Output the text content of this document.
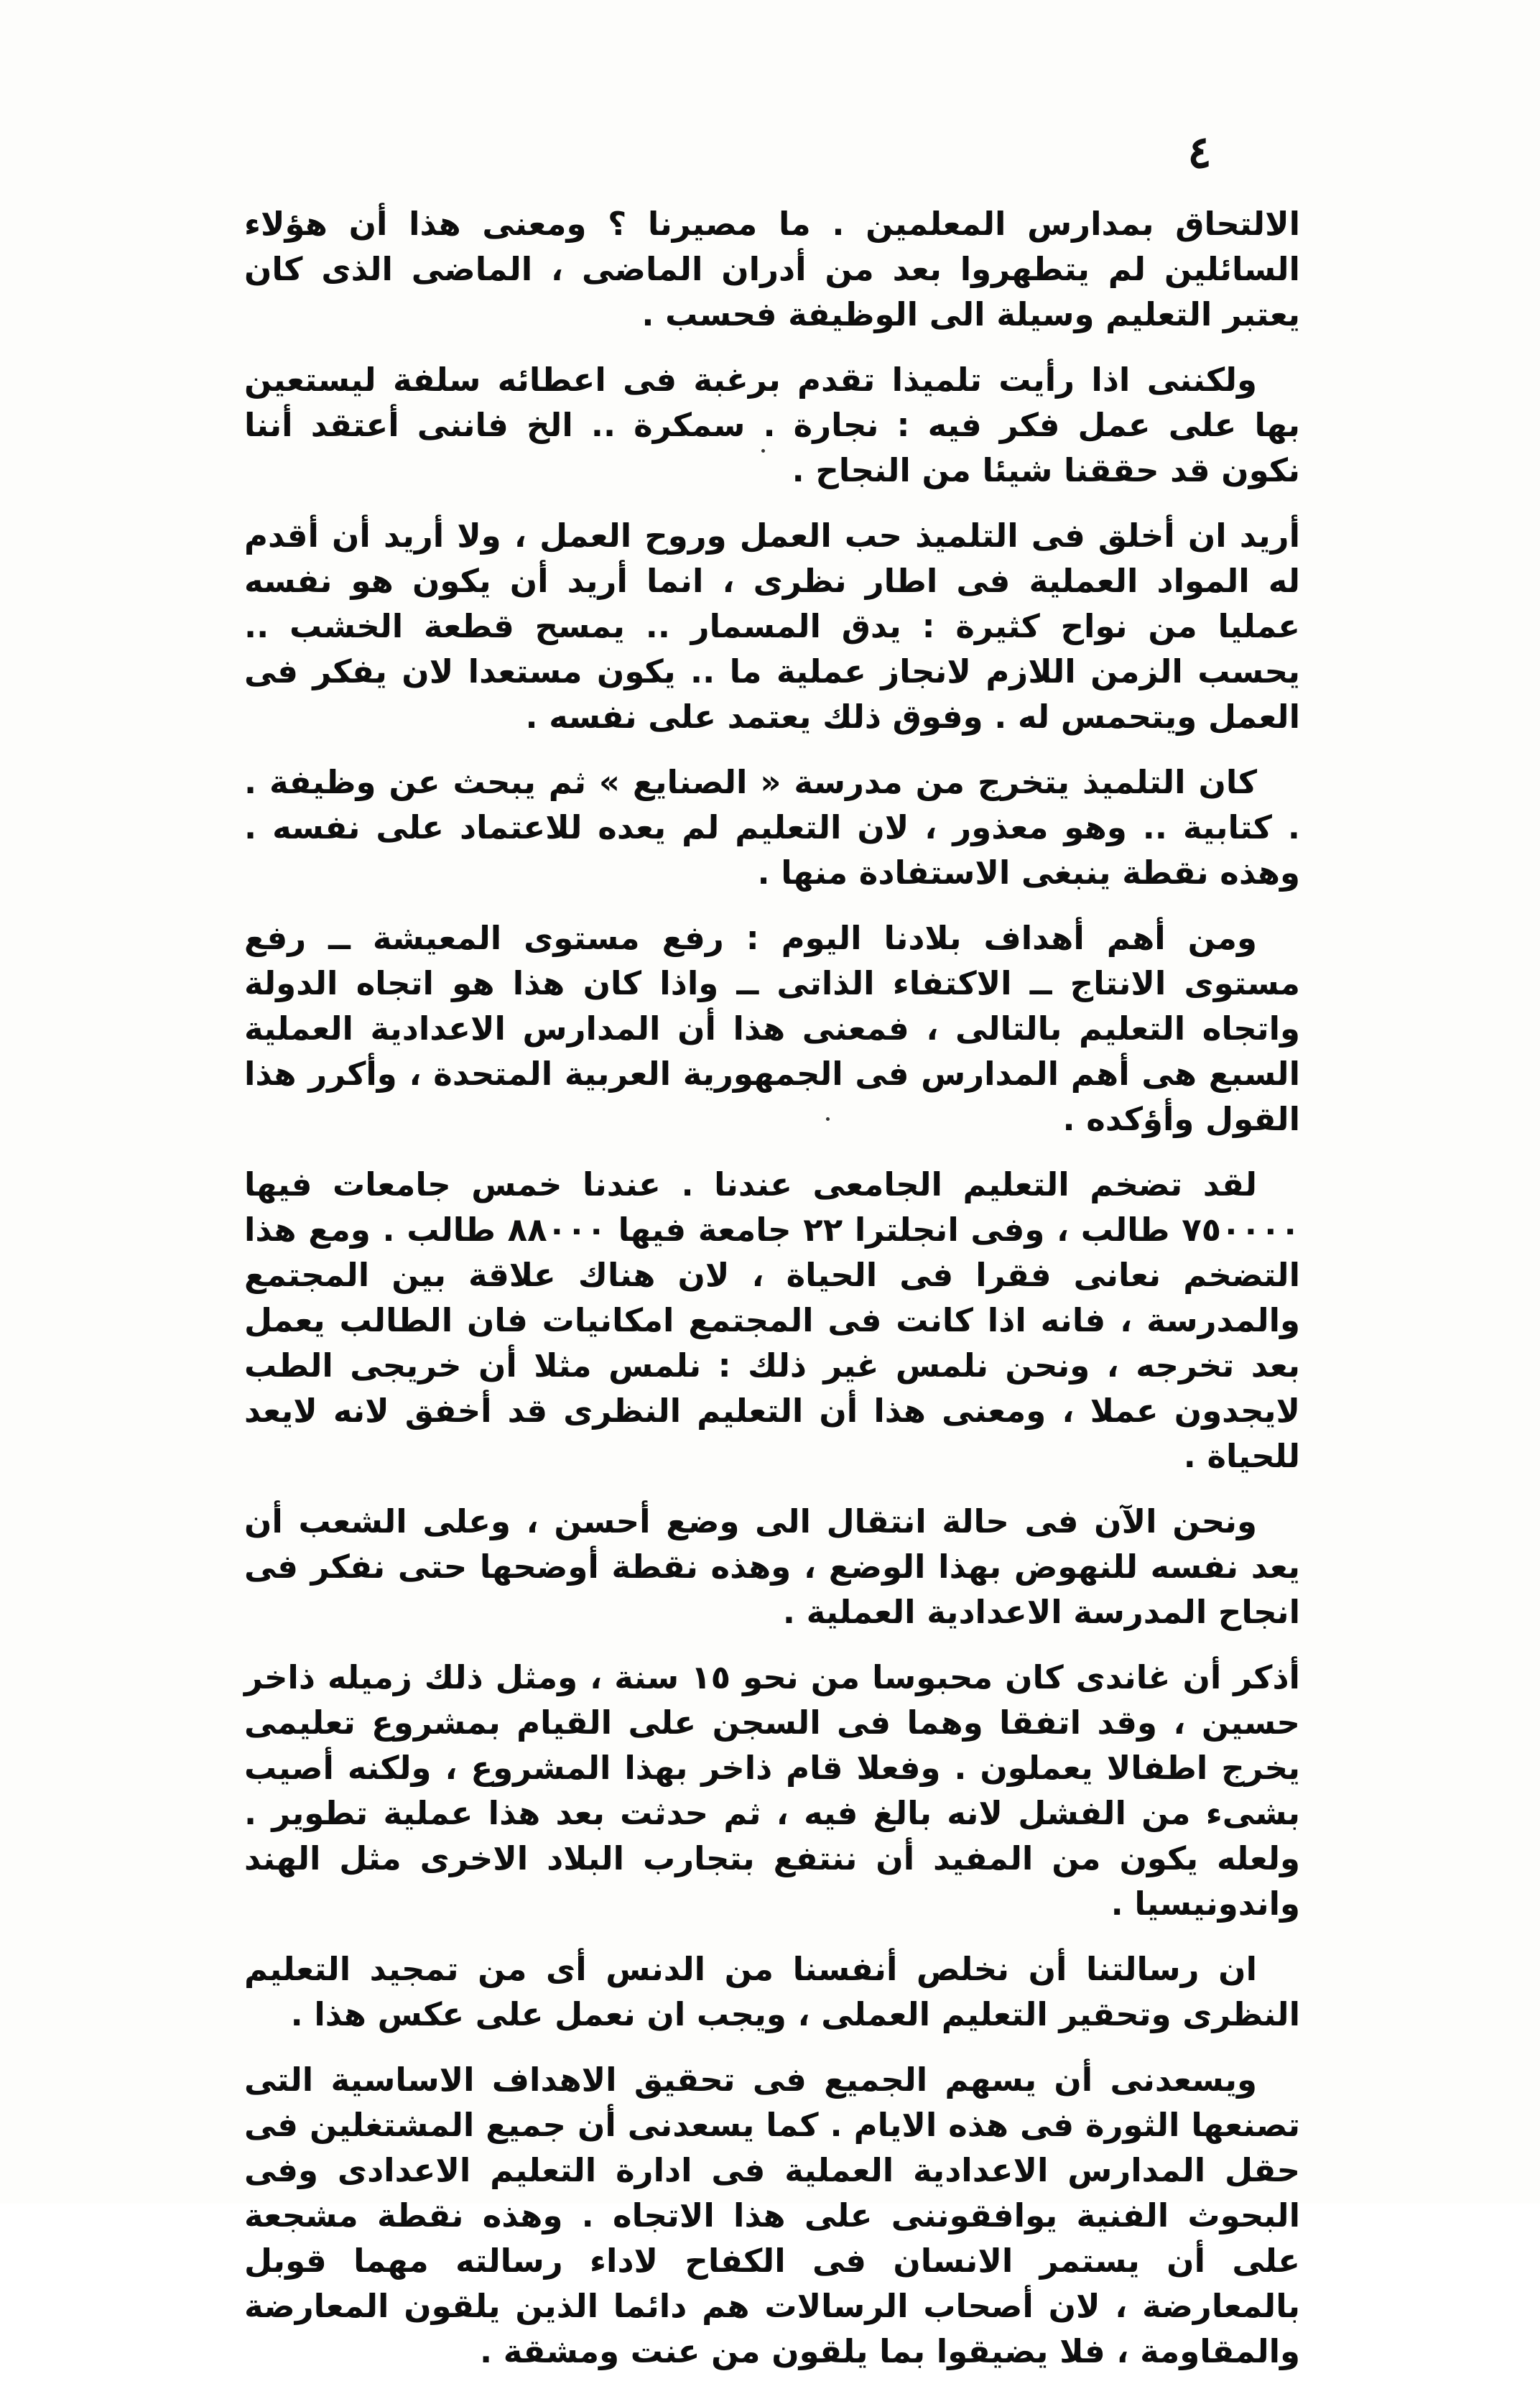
٤

الالتحاق بمدارس المعلمين . ما مصيرنا ؟ ومعنى هذا أن هؤلاء السائلين لم يتطهروا بعد من أدران الماضى ، الماضى الذى كان يعتبر التعليم وسيلة الى الوظيفة فحسب .

ولكننى اذا رأيت تلميذا تقدم برغبة فى اعطائه سلفة ليستعين بها على عمل فكر فيه : نجارة . سمكرة .. الخ فاننى أعتقد أننا نكون قد حققنا شيئا من النجاح .

أريد ان أخلق فى التلميذ حب العمل وروح العمل ، ولا أريد أن أقدم له المواد العملية فى اطار نظرى ، انما أريد أن يكون هو نفسه عمليا من نواح كثيرة : يدق المسمار .. يمسح قطعة الخشب .. يحسب الزمن اللازم لانجاز عملية ما .. يكون مستعدا لان يفكر فى العمل ويتحمس له . وفوق ذلك يعتمد على نفسه .

كان التلميذ يتخرج من مدرسة « الصنايع » ثم يبحث عن وظيفة . . كتابية .. وهو معذور ، لان التعليم لم يعده للاعتماد على نفسه . وهذه نقطة ينبغى الاستفادة منها .

ومن أهم أهداف بلادنا اليوم : رفع مستوى المعيشة ــ رفع مستوى الانتاج ــ الاكتفاء الذاتى ــ واذا كان هذا هو اتجاه الدولة واتجاه التعليم بالتالى ، فمعنى هذا أن المدارس الاعدادية العملية السبع هى أهم المدارس فى الجمهورية العربية المتحدة ، وأكرر هذا القول وأؤكده .

لقد تضخم التعليم الجامعى عندنا . عندنا خمس جامعات فيها ٧٥٠٠٠٠ طالب ، وفى انجلترا ٢٢ جامعة فيها ٨٨٠٠٠ طالب . ومع هذا التضخم نعانى فقرا فى الحياة ، لان هناك علاقة بين المجتمع والمدرسة ، فانه اذا كانت فى المجتمع امكانيات فان الطالب يعمل بعد تخرجه ، ونحن نلمس غير ذلك : نلمس مثلا أن خريجى الطب لايجدون عملا ، ومعنى هذا أن التعليم النظرى قد أخفق لانه لايعد للحياة .

ونحن الآن فى حالة انتقال الى وضع أحسن ، وعلى الشعب أن يعد نفسه للنهوض بهذا الوضع ، وهذه نقطة أوضحها حتى نفكر فى انجاح المدرسة الاعدادية العملية .

أذكر أن غاندى كان محبوسا من نحو ١٥ سنة ، ومثل ذلك زميله ذاخر حسين ، وقد اتفقا وهما فى السجن على القيام بمشروع تعليمى يخرج اطفالا يعملون . وفعلا قام ذاخر بهذا المشروع ، ولكنه أصيب بشىء من الفشل لانه بالغ فيه ، ثم حدثت بعد هذا عملية تطوير . ولعله يكون من المفيد أن ننتفع بتجارب البلاد الاخرى مثل الهند واندونيسيا .

ان رسالتنا أن نخلص أنفسنا من الدنس أى من تمجيد التعليم النظرى وتحقير التعليم العملى ، ويجب ان نعمل على عكس هذا .

ويسعدنى أن يسهم الجميع فى تحقيق الاهداف الاساسية التى تصنعها الثورة فى هذه الايام . كما يسعدنى أن جميع المشتغلين فى حقل المدارس الاعدادية العملية فى ادارة التعليم الاعدادى وفى البحوث الفنية يوافقوننى على هذا الاتجاه . وهذه نقطة مشجعة على أن يستمر الانسان فى الكفاح لاداء رسالته مهما قوبل بالمعارضة ، لان أصحاب الرسالات هم دائما الذين يلقون المعارضة والمقاومة ، فلا يضيقوا بما يلقون من عنت ومشقة .
